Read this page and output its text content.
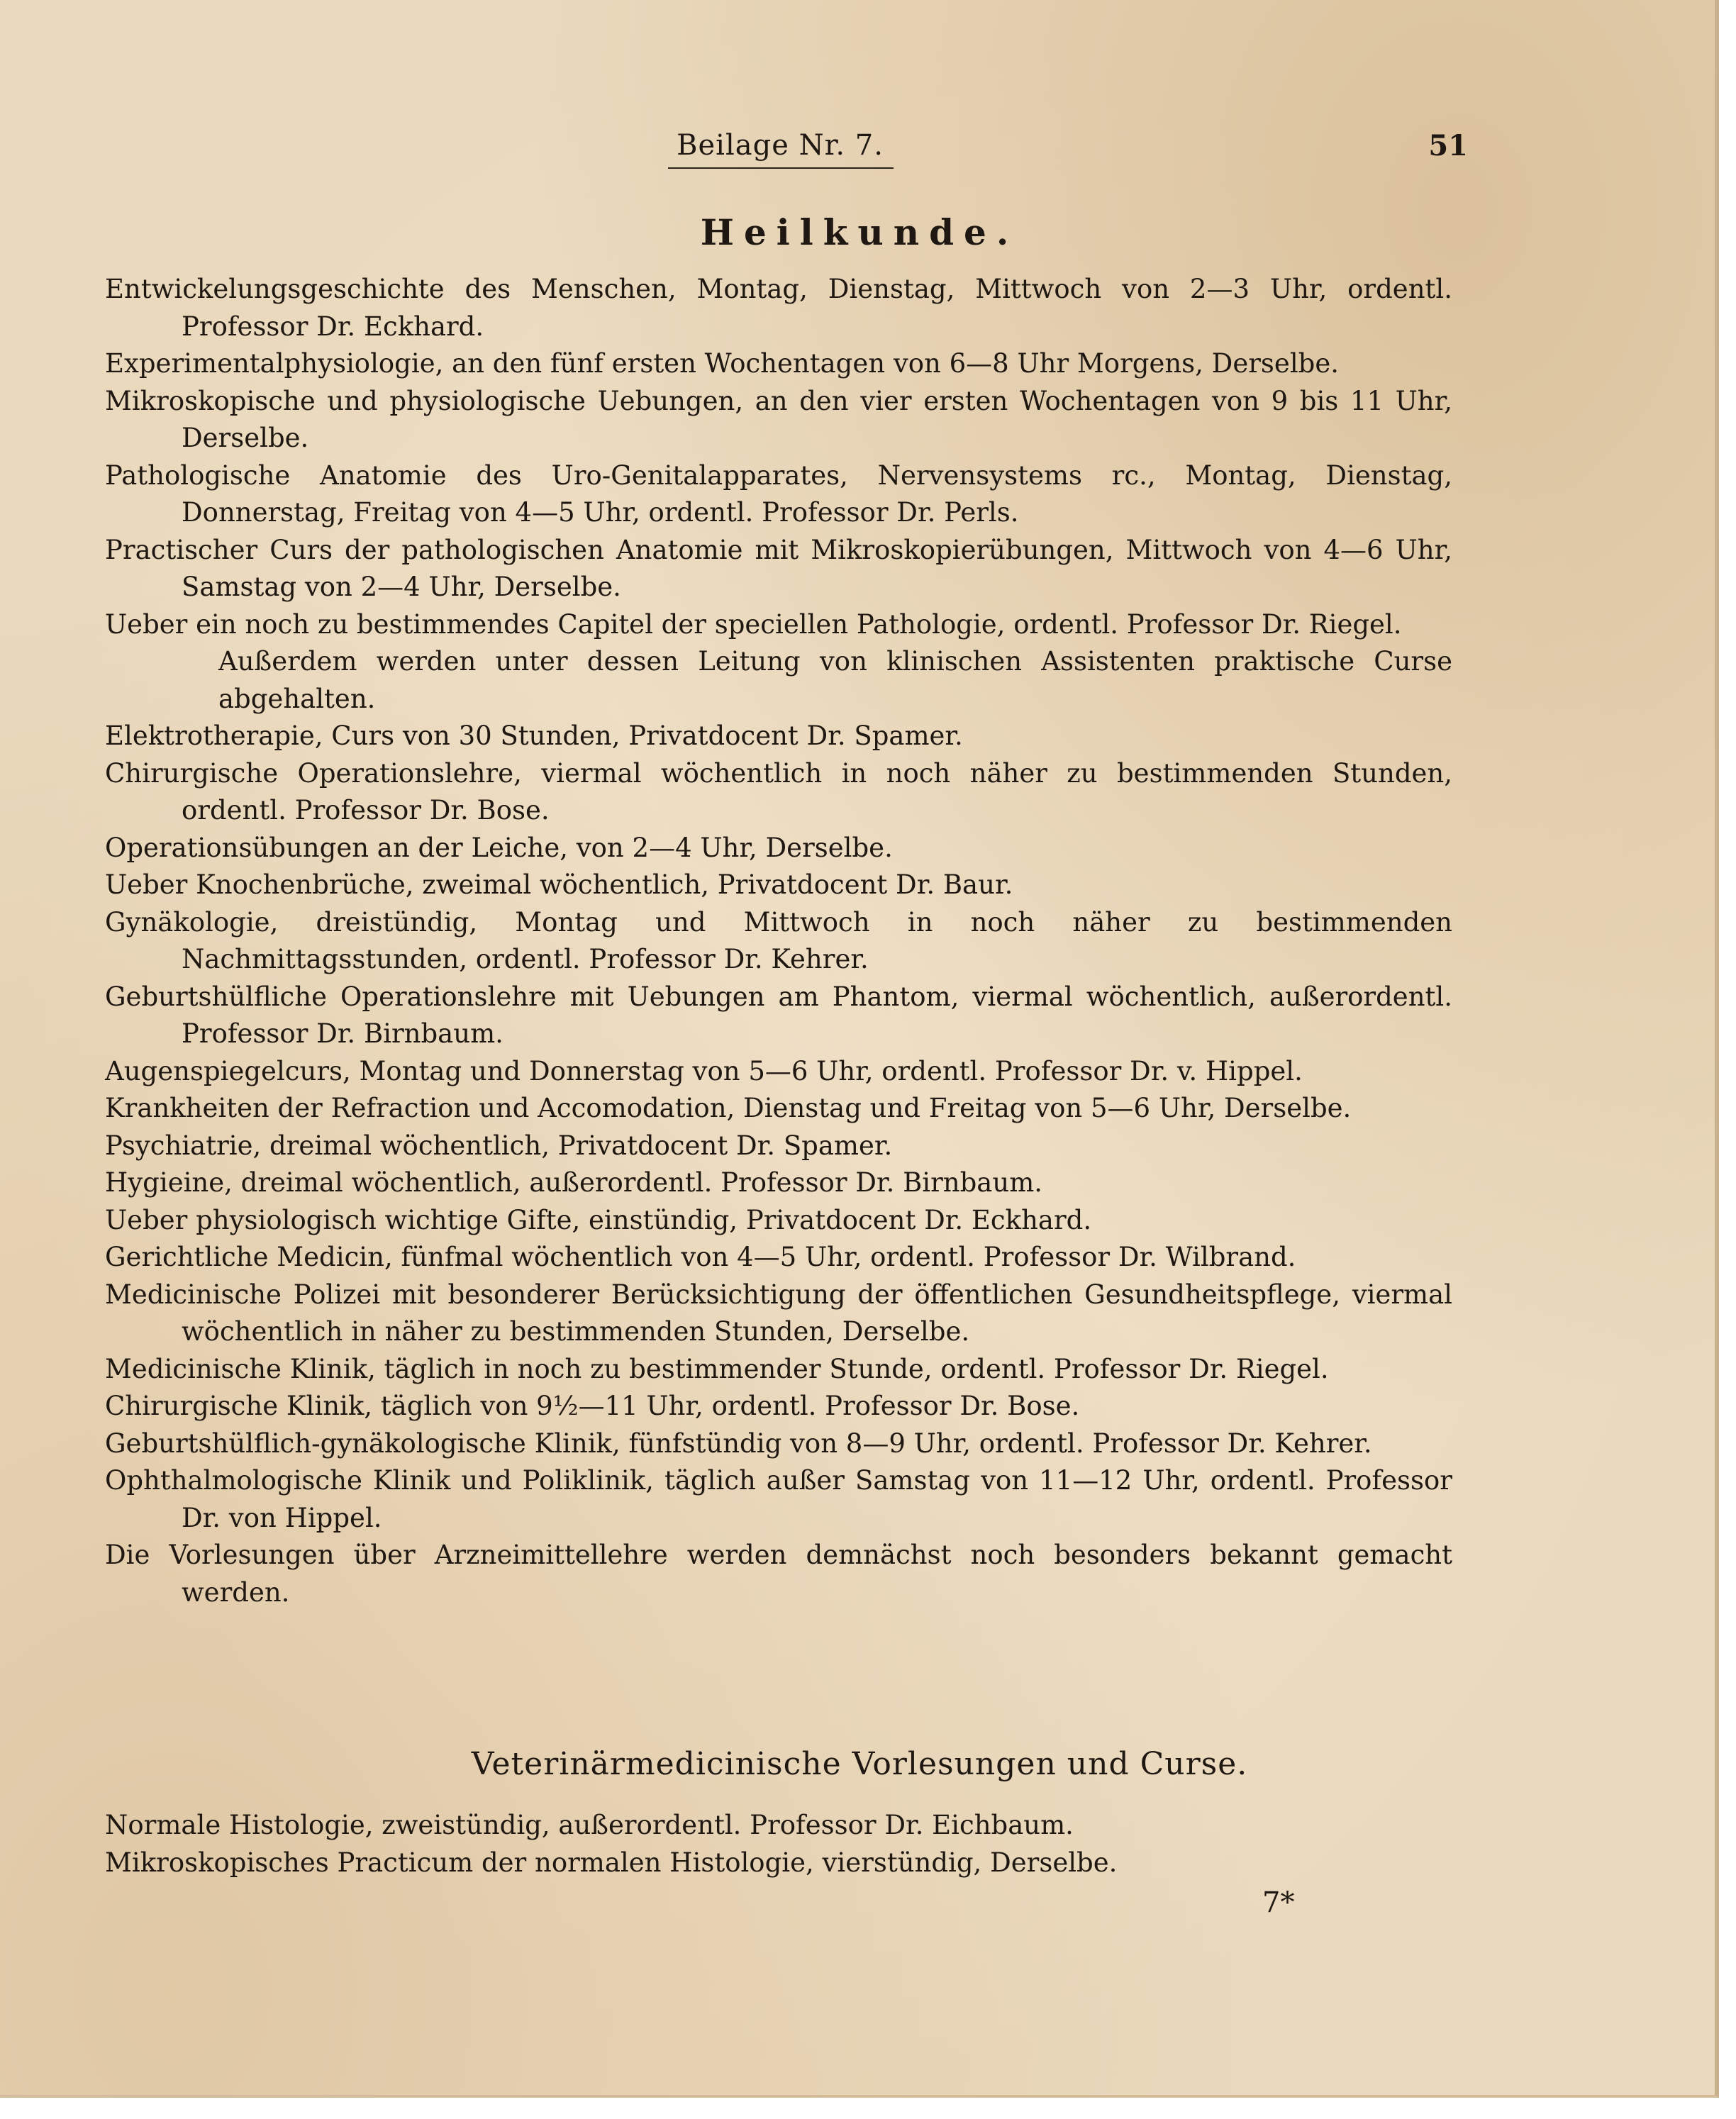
Beilage Nr. 7.	51
Heilkunde.
Entwickelungsgeschichte des Menschen, Montag, Dienstag, Mittwoch von 2—3 Uhr, ordentl. Professor Dr. Eckhard.
Experimentalphysiologie, an den fünf ersten Wochentagen von 6—8 Uhr Morgens, Derselbe.
Mikroskopische und physiologische Uebungen, an den vier ersten Wochentagen von 9 bis 11 Uhr, Derselbe.
Pathologische Anatomie des Uro-Genitalapparates, Nervensystems rc., Montag, Dienstag, Donnerstag, Freitag von 4—5 Uhr, ordentl. Professor Dr. Perls.
Practischer Curs der pathologischen Anatomie mit Mikroskopierübungen, Mittwoch von 4—6 Uhr, Samstag von 2—4 Uhr, Derselbe.
Ueber ein noch zu bestimmendes Capitel der speciellen Pathologie, ordentl. Professor Dr. Riegel.
Außerdem werden unter dessen Leitung von klinischen Assistenten praktische Curse abgehalten.
Elektrotherapie, Curs von 30 Stunden, Privatdocent Dr. Spamer.
Chirurgische Operationslehre, viermal wöchentlich in noch näher zu bestimmenden Stunden, ordentl. Professor Dr. Bose.
Operationsübungen an der Leiche, von 2—4 Uhr, Derselbe.
Ueber Knochenbrüche, zweimal wöchentlich, Privatdocent Dr. Baur.
Gynäkologie, dreistündig, Montag und Mittwoch in noch näher zu bestimmenden Nachmittagsstunden, ordentl. Professor Dr. Kehrer.
Geburtshülfliche Operationslehre mit Uebungen am Phantom, viermal wöchentlich, außerordentl. Professor Dr. Birnbaum.
Augenspiegelcurs, Montag und Donnerstag von 5—6 Uhr, ordentl. Professor Dr. v. Hippel.
Krankheiten der Refraction und Accomodation, Dienstag und Freitag von 5—6 Uhr, Derselbe.
Psychiatrie, dreimal wöchentlich, Privatdocent Dr. Spamer.
Hygieine, dreimal wöchentlich, außerordentl. Professor Dr. Birnbaum.
Ueber physiologisch wichtige Gifte, einstündig, Privatdocent Dr. Eckhard.
Gerichtliche Medicin, fünfmal wöchentlich von 4—5 Uhr, ordentl. Professor Dr. Wilbrand.
Medicinische Polizei mit besonderer Berücksichtigung der öffentlichen Gesundheitspflege, viermal wöchentlich in näher zu bestimmenden Stunden, Derselbe.
Medicinische Klinik, täglich in noch zu bestimmender Stunde, ordentl. Professor Dr. Riegel.
Chirurgische Klinik, täglich von 9½—11 Uhr, ordentl. Professor Dr. Bose.
Geburtshülflich-gynäkologische Klinik, fünfstündig von 8—9 Uhr, ordentl. Professor Dr. Kehrer.
Ophthalmologische Klinik und Poliklinik, täglich außer Samstag von 11—12 Uhr, ordentl. Professor Dr. von Hippel.
Die Vorlesungen über Arzneimittellehre werden demnächst noch besonders bekannt gemacht werden.
Veterinärmedicinische Vorlesungen und Curse.
Normale Histologie, zweistündig, außerordentl. Professor Dr. Eichbaum.
Mikroskopisches Practicum der normalen Histologie, vierstündig, Derselbe.
7*
